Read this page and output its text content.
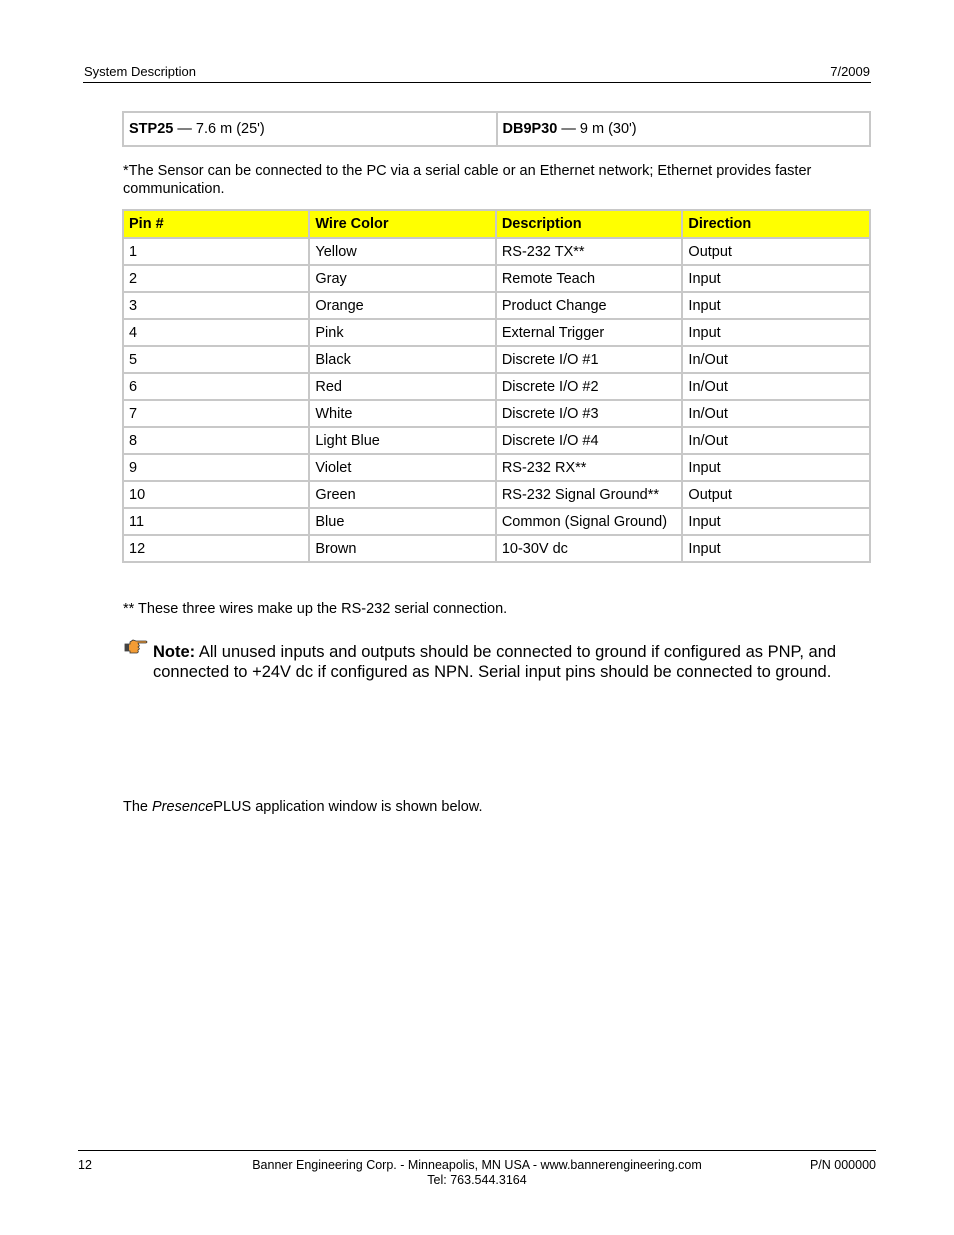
System Description	7/2009
STP25 — 7.6 m (25')	DB9P30 — 9 m (30')
*The Sensor can be connected to the PC via a serial cable or an Ethernet network; Ethernet provides faster communication.
Pin #	Wire Color	Description	Direction
1	Yellow	RS-232 TX**	Output
2	Gray	Remote Teach	Input
3	Orange	Product Change	Input
4	Pink	External Trigger	Input
5	Black	Discrete I/O #1	In/Out
6	Red	Discrete I/O #2	In/Out
7	White	Discrete I/O #3	In/Out
8	Light Blue	Discrete I/O #4	In/Out
9	Violet	RS-232 RX**	Input
10	Green	RS-232 Signal Ground**	Output
11	Blue	Common (Signal Ground)	Input
12	Brown	10-30V dc	Input
** These three wires make up the RS-232 serial connection.
Note: All unused inputs and outputs should be connected to ground if configured as PNP, and connected to +24V dc if configured as NPN. Serial input pins should be connected to ground.
The PresencePLUS application window is shown below.
12	Banner Engineering Corp. - Minneapolis, MN USA - www.bannerengineering.com
Tel: 763.544.3164
P/N 000000
